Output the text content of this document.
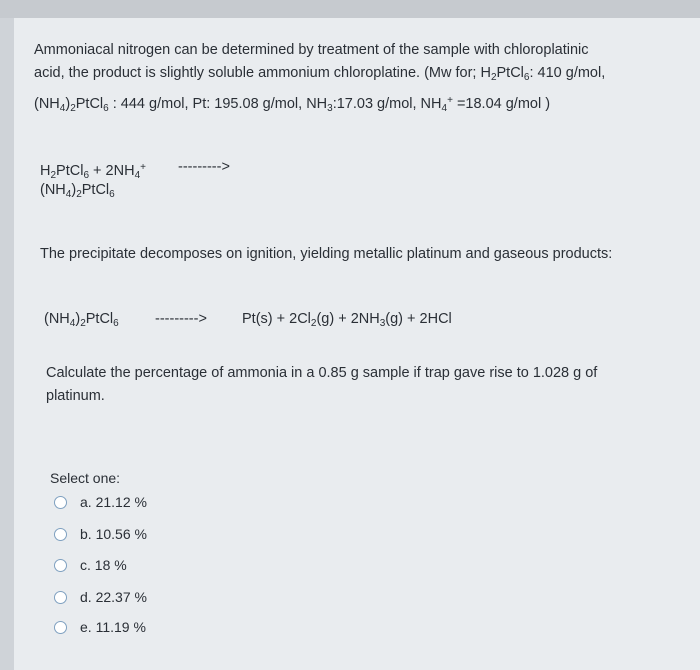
Ammoniacal nitrogen can be determined by treatment of the sample with chloroplatinic
acid, the product is slightly soluble ammonium chloroplatine. (Mw for; $H_2PtCl_6$: 410 g/mol,
$(NH_4)_2PtCl_6$ : 444 g/mol, Pt: 195.08 g/mol, $NH_3:17.03$ g/mol, $NH_4^+ =18.04$ g/mol )
$H_2PtCl_6 + 2NH_4^+$ --------->
$(NH_4)_2PtCl_6$
The precipitate decomposes on ignition, yielding metallic platinum and gaseous products:
$(NH_4)_2PtCl_6$	---------> $Pt(s) + 2Cl_2(g) + 2NH_3(g) + 2HCl$
Calculate the percentage of ammonia in a 0.85 g sample if trap gave rise to 1.028 g of
platinum.
Select one:
a. 21.12 %
b. 10.56 %
c. 18 %
d. 22.37 %
e. 11.19 %
